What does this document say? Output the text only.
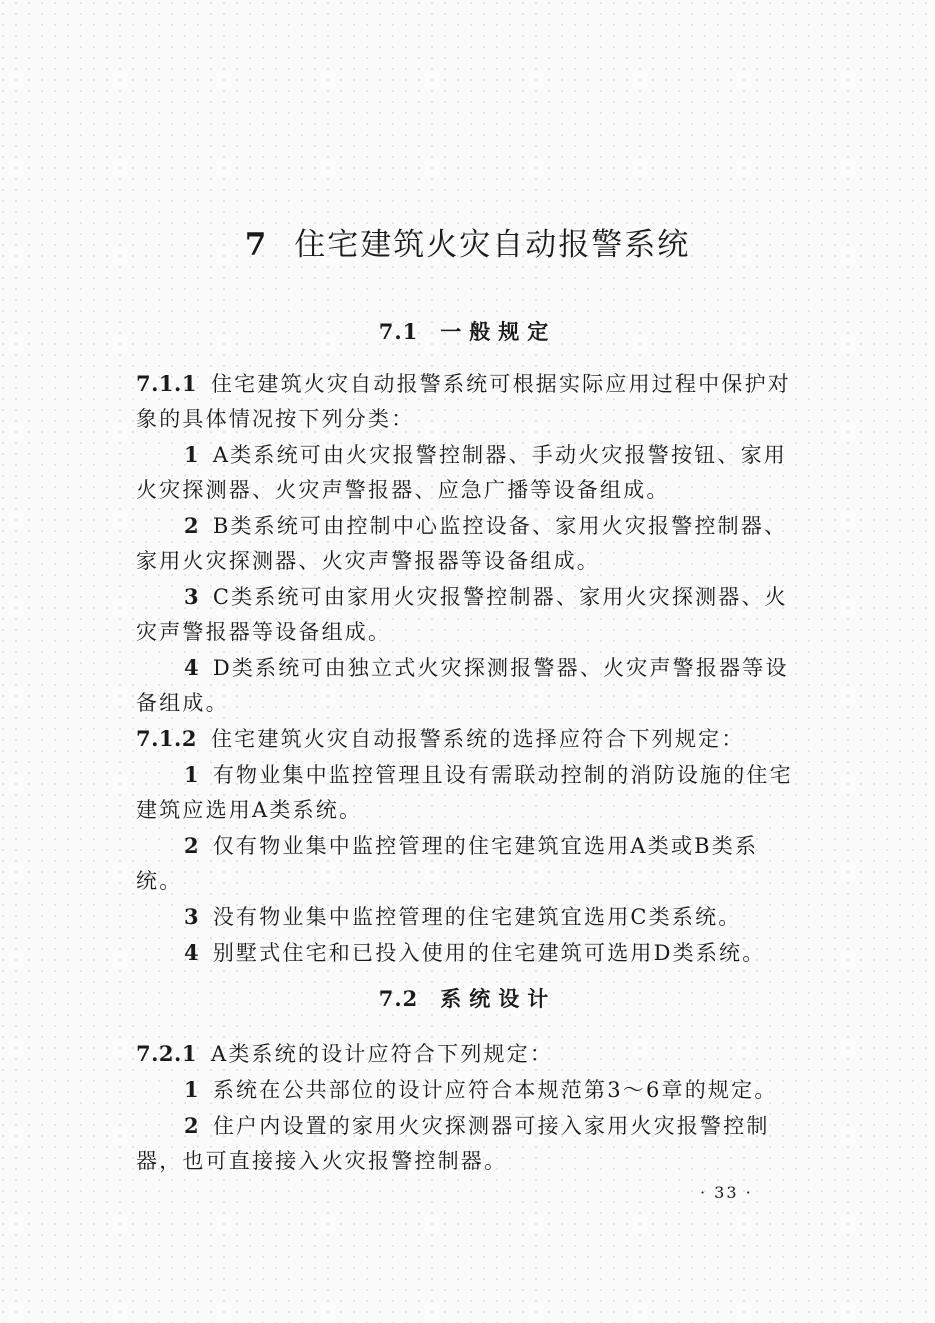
7 住宅建筑火灾自动报警系统
7.1 一般规定

7.1.1 住宅建筑火灾自动报警系统可根据实际应用过程中保护对象的具体情况按下列分类：

1 A类系统可由火灾报警控制器、手动火灾报警按钮、家用火灾探测器、火灾声警报器、应急广播等设备组成。

2 B类系统可由控制中心监控设备、家用火灾报警控制器、家用火灾探测器、火灾声警报器等设备组成。

3 C类系统可由家用火灾报警控制器、家用火灾探测器、火灾声警报器等设备组成。

4 D类系统可由独立式火灾探测报警器、火灾声警报器等设备组成。

7.1.2 住宅建筑火灾自动报警系统的选择应符合下列规定：

1 有物业集中监控管理且设有需联动控制的消防设施的住宅建筑应选用A类系统。

2 仅有物业集中监控管理的住宅建筑宜选用A类或B类系统。

3 没有物业集中监控管理的住宅建筑宜选用C类系统。

4 别墅式住宅和已投入使用的住宅建筑可选用D类系统。

7.2 系统设计

7.2.1 A类系统的设计应符合下列规定：

1 系统在公共部位的设计应符合本规范第3～6章的规定。

2 住户内设置的家用火灾探测器可接入家用火灾报警控制器，也可直接接入火灾报警控制器。

· 33 ·
